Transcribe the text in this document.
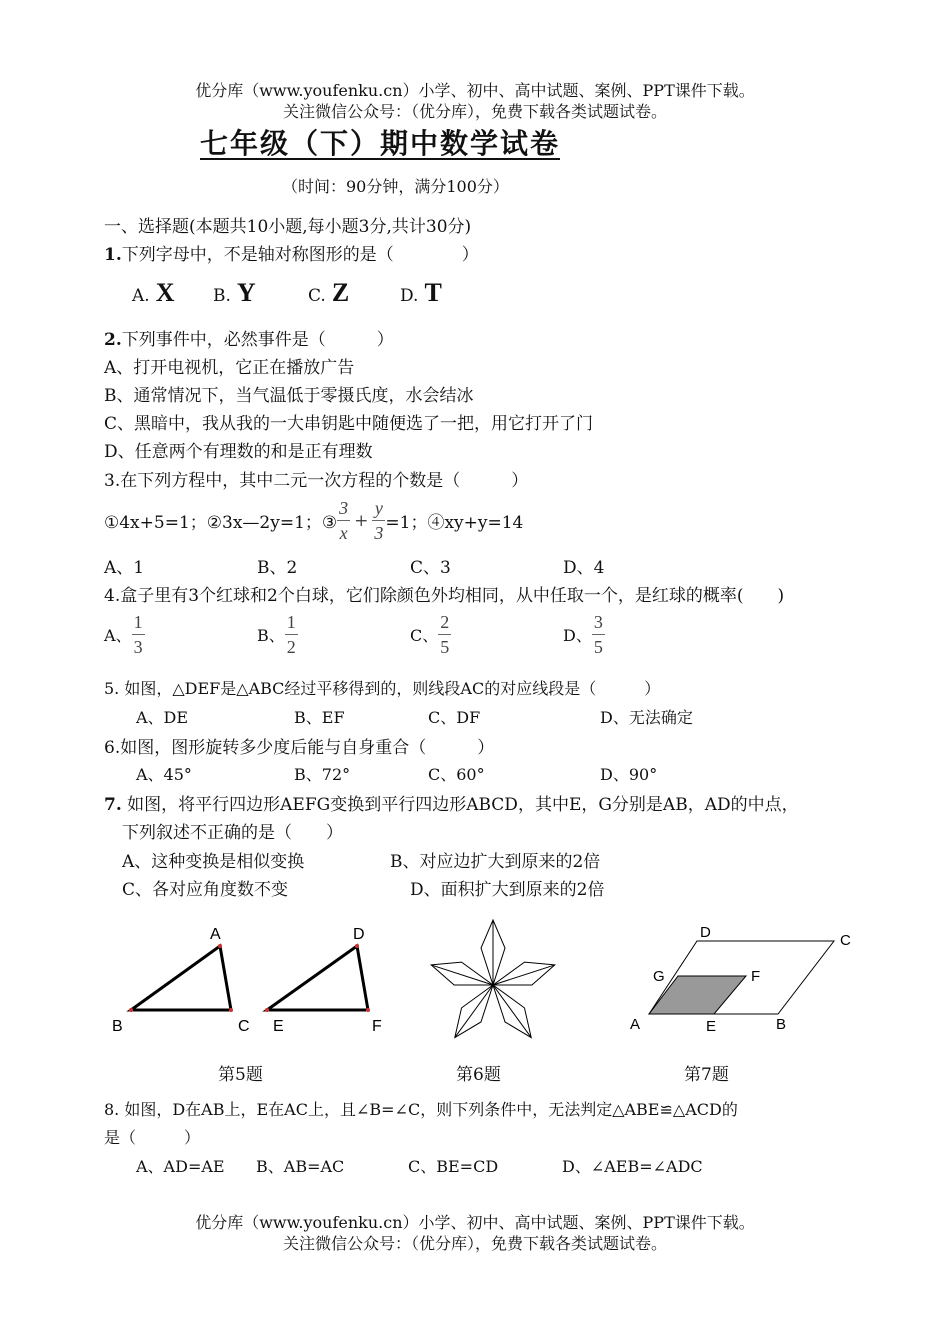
优分库（www.youfenku.cn）小学、初中、高中试题、案例、PPT课件下载。
关注微信公众号：（优分库），免费下载各类试题试卷。
七年级（下）期中数学试卷
（时间：90分钟，满分100分）
一、选择题(本题共10小题,每小题3分,共计30分)
1.下列字母中，不是轴对称图形的是（　　　　）
A. X B. Y	C. Z	D. T
2.下列事件中，必然事件是（　　　）
A、打开电视机，它正在播放广告
B、通常情况下，当气温低于零摄氏度，水会结冰
C、黑暗中，我从我的一大串钥匙中随便选了一把，用它打开了门
D、任意两个有理数的和是正有理数
3.在下列方程中，其中二元一次方程的个数是（　　　）
①4x+5=1；②3x—2y=1；③ $\frac{3}{x} + \frac{y}{3} =1$；④xy+y=14
A、1	B、2	C、3	D、4
4.盒子里有3个红球和2个白球，它们除颜色外均相同，从中任取一个，是红球的概率(　　)
A、 $\frac{1}{3}$	B、 $\frac{1}{2}$	C、 $\frac{2}{5}$	D、 $\frac{3}{5}$
5. 如图，△DEF是△ABC经过平移得到的，则线段AC的对应线段是（　　　）
A、DE	B、EF	C、DF	D、无法确定
6.如图，图形旋转多少度后能与自身重合（　　　）
A、45°	B、72°	C、60°	D、90°
7. 如图，将平行四边形AEFG变换到平行四边形ABCD，其中E，G分别是AB，AD的中点，
下列叙述不正确的是（　　）
A、这种变换是相似变换	B、对应边扩大到原来的2倍
C、各对应角度数不变	D、面积扩大到原来的2倍
A
B	C
D
E	F
D	C
G	F
A	E	B
第5题	第6题	第7题
8. 如图，D在AB上，E在AC上，且∠B=∠C，则下列条件中，无法判定△ABE≌△ACD的
是（　　　）
A、AD=AE B、AB=AC	C、BE=CD	D、∠AEB=∠ADC
优分库（www.youfenku.cn）小学、初中、高中试题、案例、PPT课件下载。
关注微信公众号：（优分库），免费下载各类试题试卷。
